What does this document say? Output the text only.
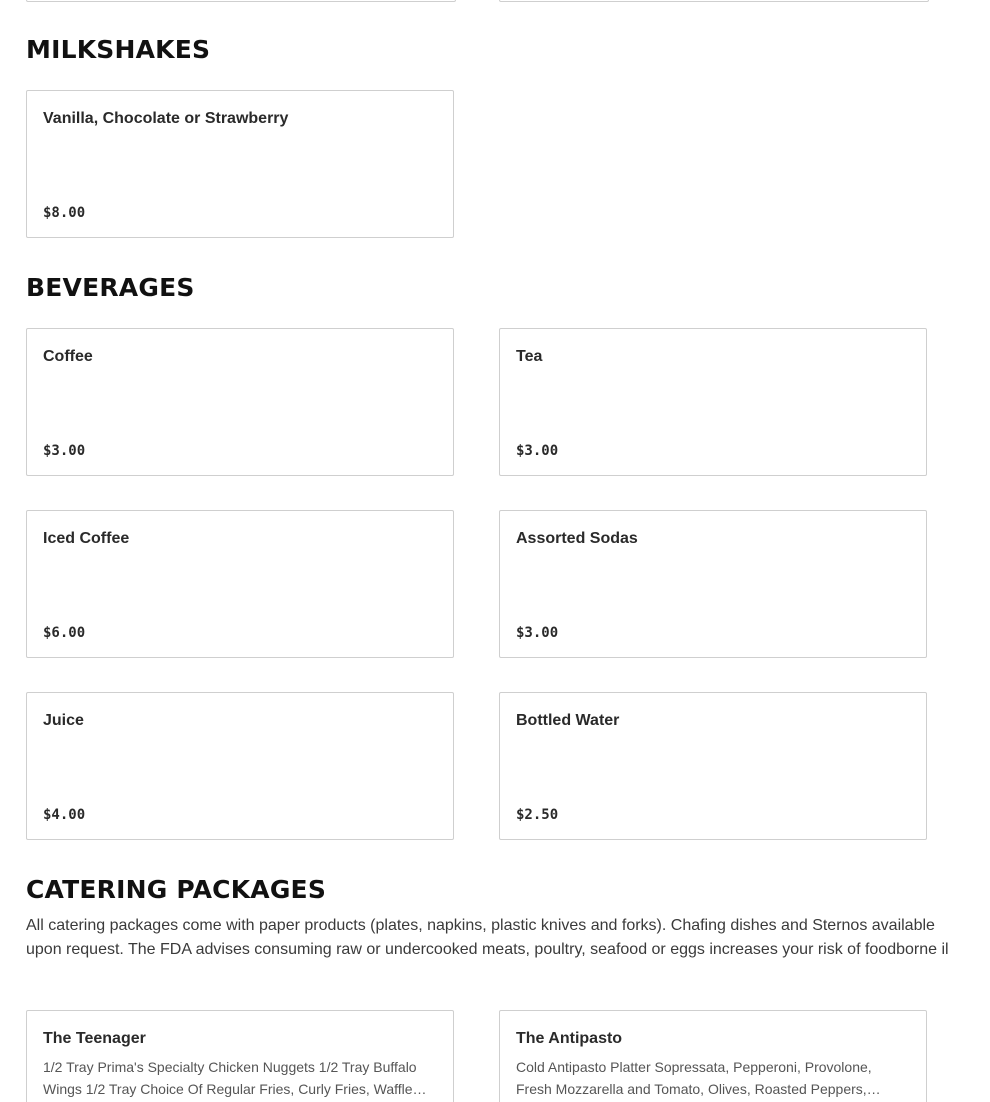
MILKSHAKES
Vanilla, Chocolate or Strawberry
$8.00
BEVERAGES
Coffee
$3.00
Tea
$3.00
Iced Coffee
$6.00
Assorted Sodas
$3.00
Juice
$4.00
Bottled Water
$2.50
CATERING PACKAGES

All catering packages come with paper products (plates, napkins, plastic knives and forks). Chafing dishes and Sternos available upon request. The FDA advises consuming raw or undercooked meats, poultry, seafood or eggs increases your risk of foodborne il

The Teenager
1/2 Tray Prima's Specialty Chicken Nuggets 1/2 Tray Buffalo Wings 1/2 Tray Choice Of Regular Fries, Curly Fries, Waffle…
The Antipasto
Cold Antipasto Platter Sopressata, Pepperoni, Provolone, Fresh Mozzarella and Tomato, Olives, Roasted Peppers,…
